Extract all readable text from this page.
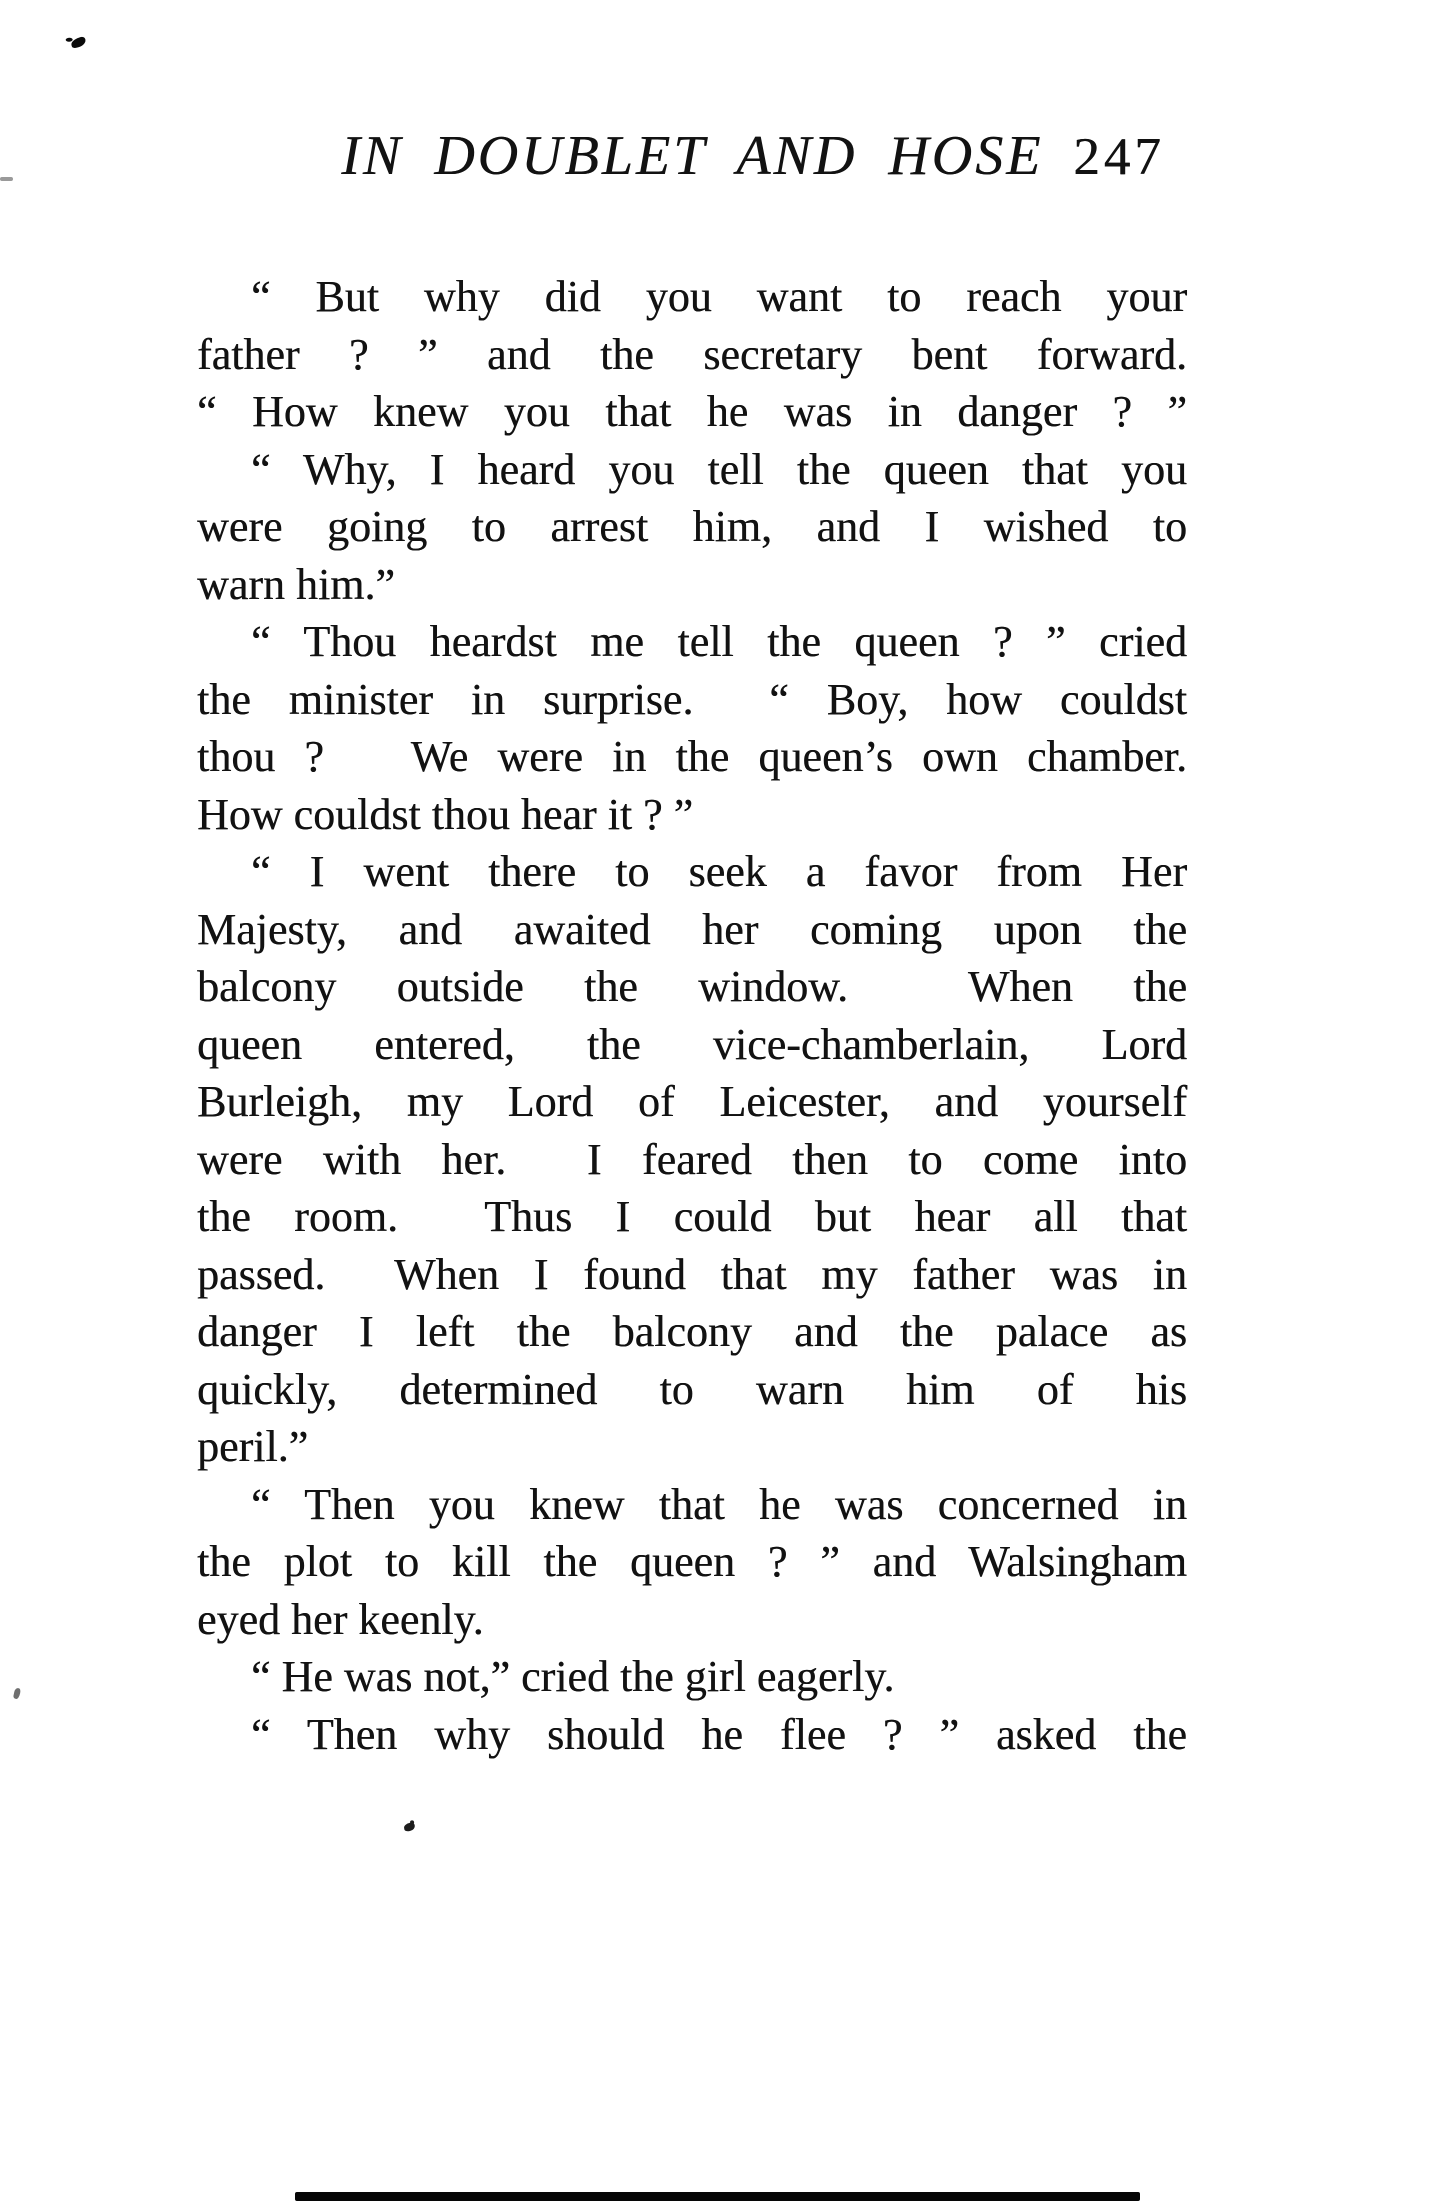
IN DOUBLET AND HOSE 247
“ But why did you want to reach your
father ? ” and the secretary bent forward.
“ How knew you that he was in danger ? ”
“ Why, I heard you tell the queen that you
were going to arrest him, and I wished to
warn him.”
“ Thou heardst me tell the queen ? ” cried
the minister in surprise.  “ Boy, how couldst
thou ?   We were in the queen’s own chamber.
How couldst thou hear it ? ”
“ I went there to seek a favor from Her
Majesty, and awaited her coming upon the
balcony outside the window.  When the
queen entered, the vice-chamberlain, Lord
Burleigh, my Lord of Leicester, and yourself
were with her.  I feared then to come into
the room.  Thus I could but hear all that
passed.  When I found that my father was in
danger I left the balcony and the palace as
quickly, determined to warn him of his
peril.”
“ Then you knew that he was concerned in
the plot to kill the queen ? ” and Walsingham
eyed her keenly.
“ He was not,” cried the girl eagerly.
“ Then why should he flee ? ” asked the
